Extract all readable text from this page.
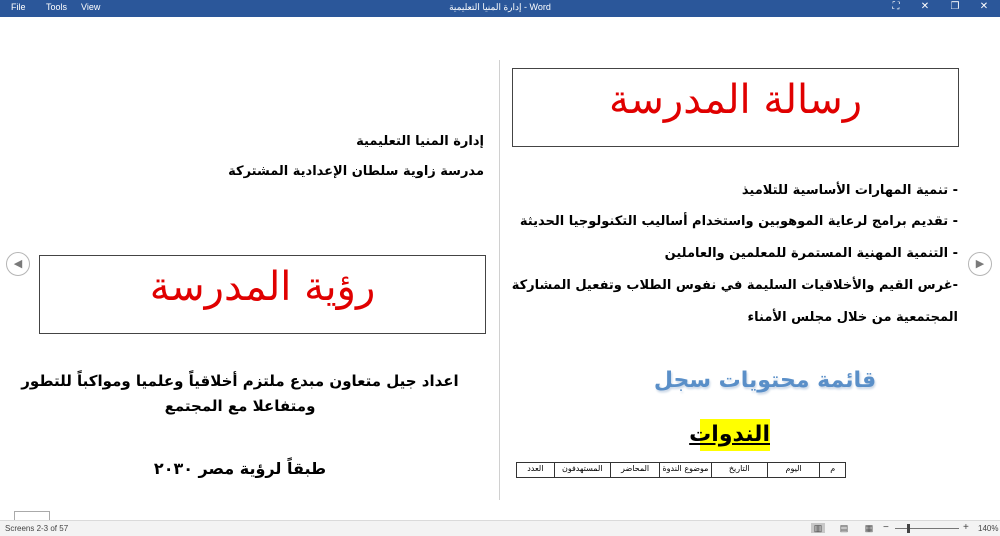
File Tools View	إدارة المنيا التعليمية - Word	⛶	✕	❐	✕
رسالة المدرسة
- تنمية المهارات الأساسية للتلاميذ
- تقديم برامج لرعاية الموهوبين واستخدام أساليب التكنولوجيا الحديثة
- التنمية المهنية المستمرة للمعلمين والعاملين
-غرس القيم والأخلاقيات السليمة في نفوس الطلاب وتفعيل المشاركة
المجتمعية من خلال مجلس الأمناء
قائمة محتويات سجل
الندوات
م	اليوم	التاريخ	موضوع الندوة	المحاضر	المستهدفون	العدد
إدارة المنيا التعليمية
مدرسة زاوية سلطان الإعدادية المشتركة
رؤية المدرسة
اعداد جيل متعاون مبدع ملتزم أخلاقياً وعلميا ومواكباً للتطور
ومتفاعلا مع المجتمع
طبقاً لرؤية مصر ٢٠٣٠
◀	▶
Screens 2-3 of 57	▥	▤	▦ −	+ 140%
